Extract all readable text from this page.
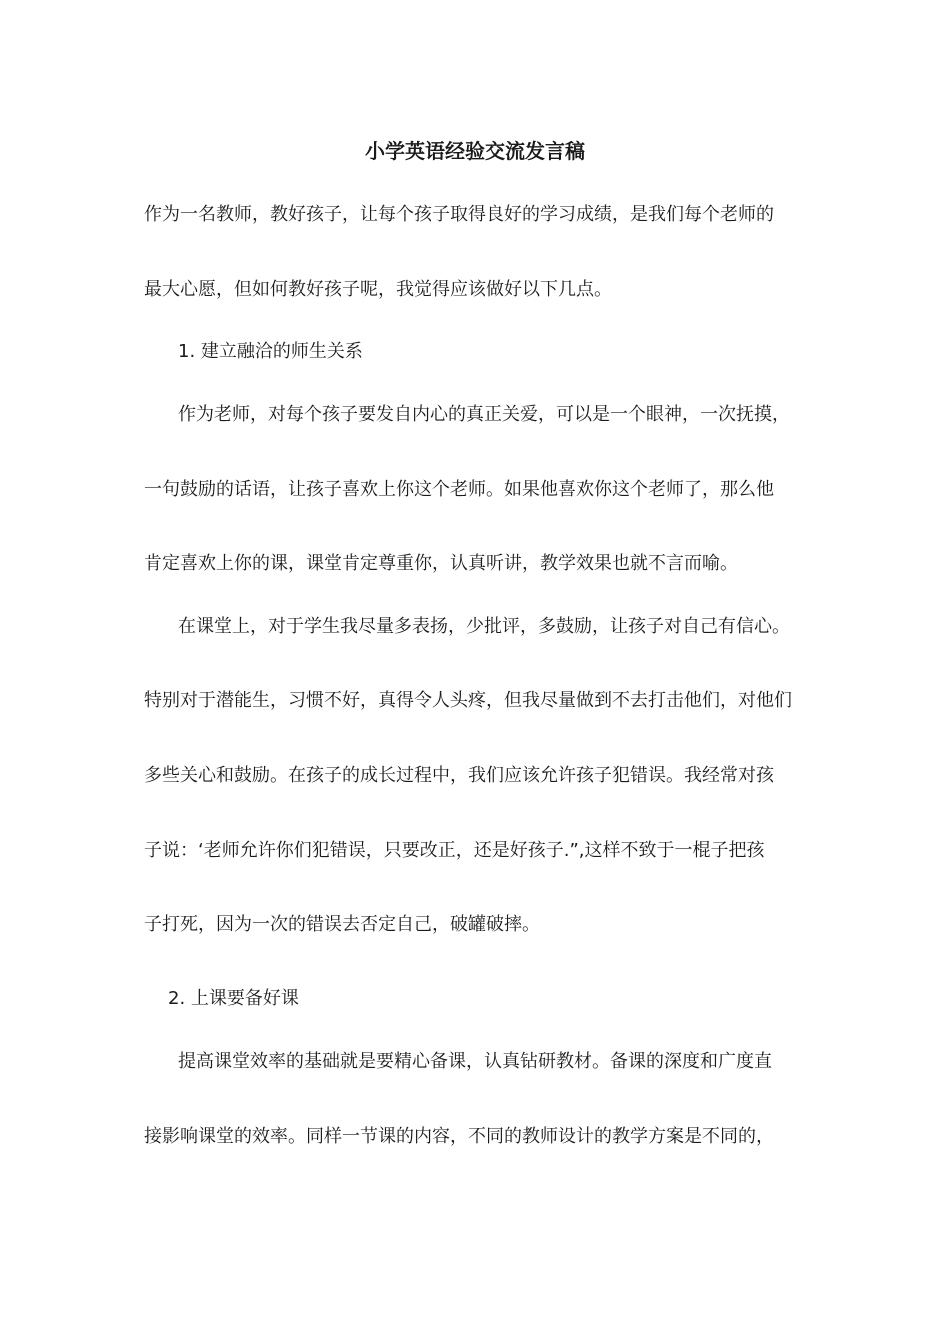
小学英语经验交流发言稿
作为一名教师，教好孩子，让每个孩子取得良好的学习成绩，是我们每个老师的
最大心愿，但如何教好孩子呢，我觉得应该做好以下几点。
1. 建立融洽的师生关系
作为老师，对每个孩子要发自内心的真正关爱，可以是一个眼神，一次抚摸，
一句鼓励的话语，让孩子喜欢上你这个老师。如果他喜欢你这个老师了，那么他
肯定喜欢上你的课，课堂肯定尊重你，认真听讲，教学效果也就不言而喻。
在课堂上，对于学生我尽量多表扬，少批评，多鼓励，让孩子对自己有信心。
特别对于潜能生，习惯不好，真得令人头疼，但我尽量做到不去打击他们，对他们
多些关心和鼓励。在孩子的成长过程中，我们应该允许孩子犯错误。我经常对孩
子说：‘老师允许你们犯错误，只要改正，还是好孩子.”,这样不致于一棍子把孩
子打死，因为一次的错误去否定自己，破罐破摔。
2. 上课要备好课
提高课堂效率的基础就是要精心备课，认真钻研教材。备课的深度和广度直
接影响课堂的效率。同样一节课的内容，不同的教师设计的教学方案是不同的，
